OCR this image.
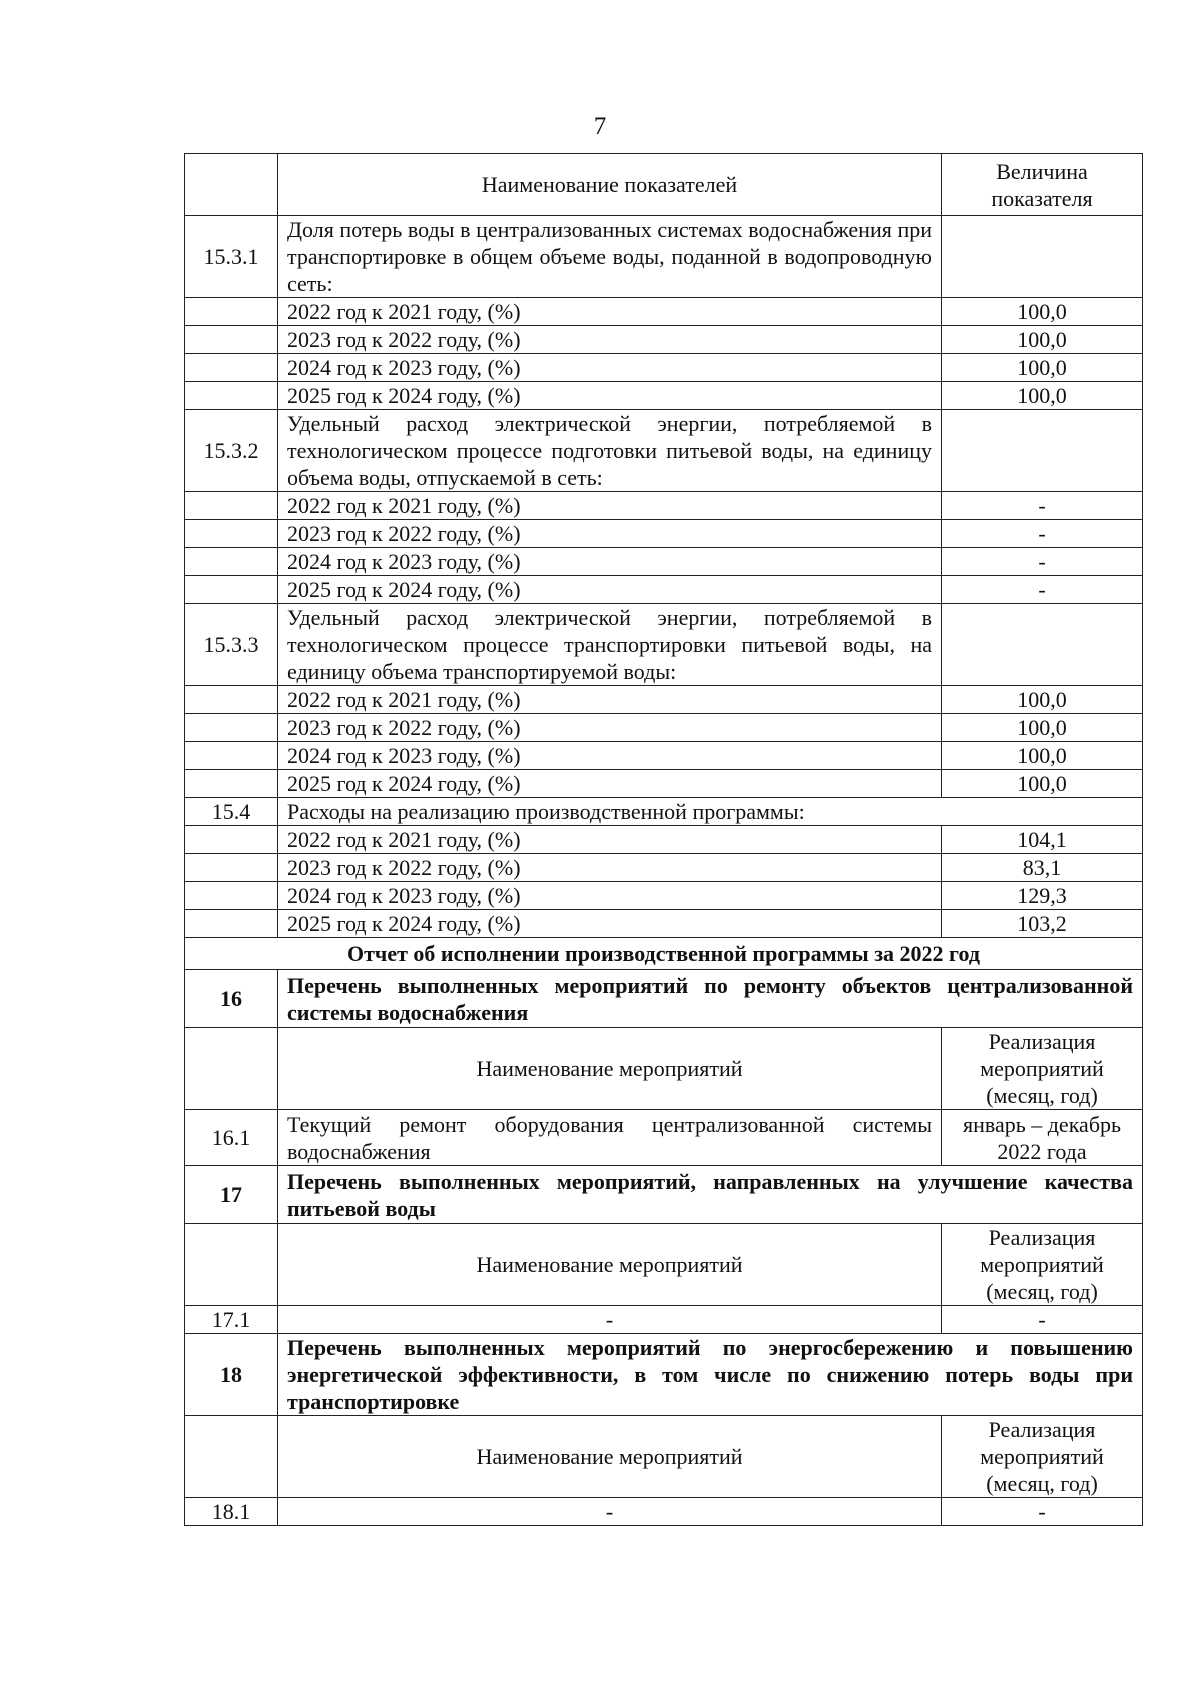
7
	Наименование показателей	Величина показателя
15.3.1	Доля потерь воды в централизованных системах водоснабжения при транспортировке в общем объеме воды, поданной в водопроводную сеть:	
	2022 год к 2021 году, (%)	100,0
	2023 год к 2022 году, (%)	100,0
	2024 год к 2023 году, (%)	100,0
	2025 год к 2024 году, (%)	100,0
15.3.2	Удельный расход электрической энергии, потребляемой в технологическом процессе подготовки питьевой воды, на единицу объема воды, отпускаемой в сеть:	
	2022 год к 2021 году, (%)	-
	2023 год к 2022 году, (%)	-
	2024 год к 2023 году, (%)	-
	2025 год к 2024 году, (%)	-
15.3.3	Удельный расход электрической энергии, потребляемой в технологическом процессе транспортировки питьевой воды, на единицу объема транспортируемой воды:	
	2022 год к 2021 году, (%)	100,0
	2023 год к 2022 году, (%)	100,0
	2024 год к 2023 году, (%)	100,0
	2025 год к 2024 году, (%)	100,0
15.4	Расходы на реализацию производственной программы:	
	2022 год к 2021 году, (%)	104,1
	2023 год к 2022 году, (%)	83,1
	2024 год к 2023 году, (%)	129,3
	2025 год к 2024 году, (%)	103,2
Отчет об исполнении производственной программы за 2022 год		
16	Перечень выполненных мероприятий по ремонту объектов централизованной системы водоснабжения	
	Наименование мероприятий	Реализация мероприятий (месяц, год)
16.1	Текущий ремонт оборудования централизованной системы водоснабжения	январь – декабрь 2022 года
17	Перечень выполненных мероприятий, направленных на улучшение качества питьевой воды	
	Наименование мероприятий	Реализация мероприятий (месяц, год)
17.1	-	-
18	Перечень выполненных мероприятий по энергосбережению и повышению энергетической эффективности, в том числе по снижению потерь воды при транспортировке	
	Наименование мероприятий	Реализация мероприятий (месяц, год)
18.1	-	-
